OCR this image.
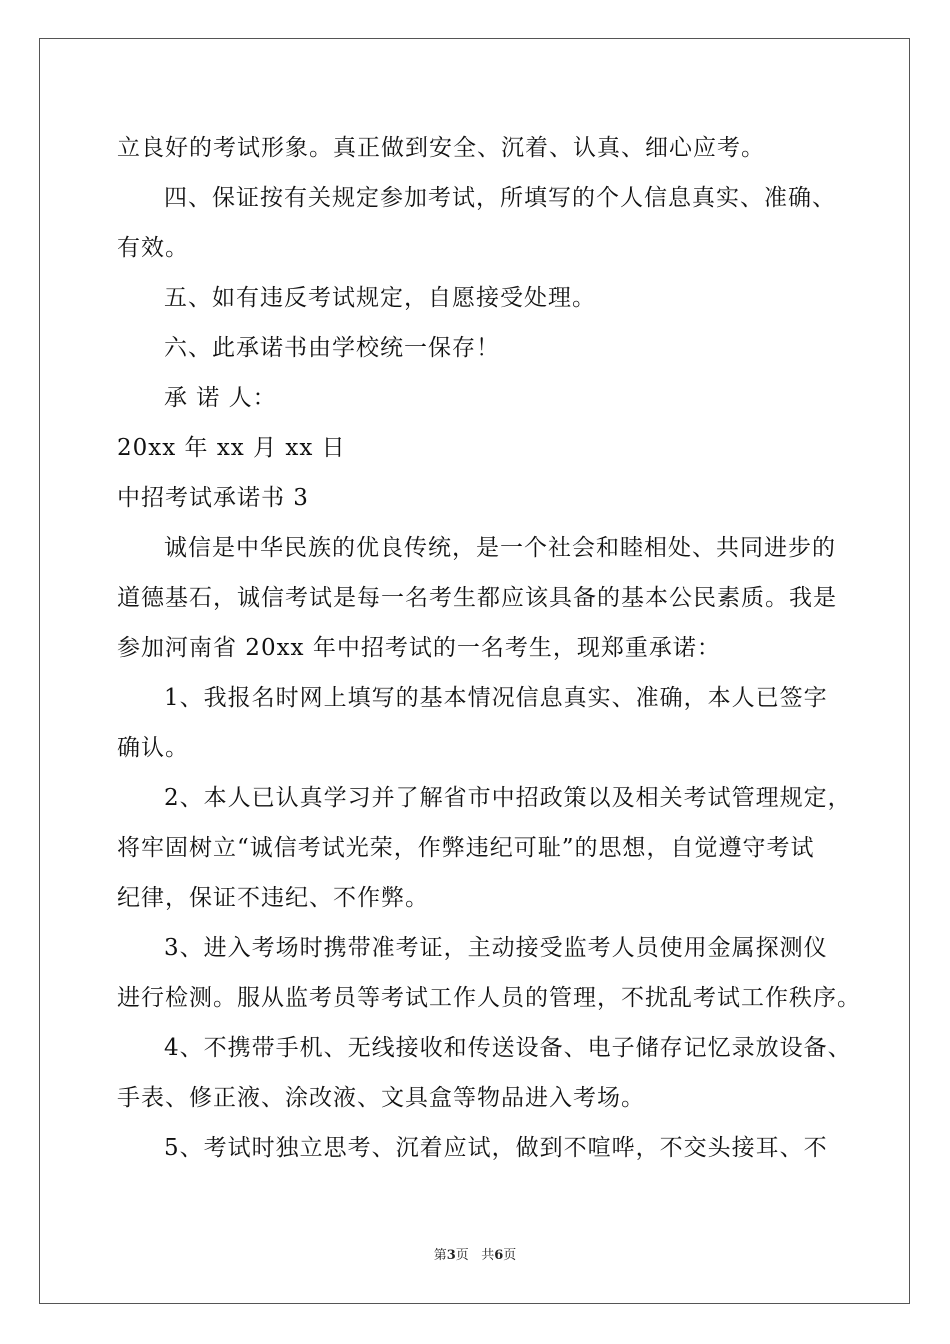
立良好的考试形象。真正做到安全、沉着、认真、细心应考。
四、保证按有关规定参加考试，所填写的个人信息真实、准确、
有效。
五、如有违反考试规定，自愿接受处理。
六、此承诺书由学校统一保存！
承 诺 人：
20xx 年 xx 月 xx 日
中招考试承诺书 3
诚信是中华民族的优良传统，是一个社会和睦相处、共同进步的
道德基石，诚信考试是每一名考生都应该具备的基本公民素质。我是
参加河南省 20xx 年中招考试的一名考生，现郑重承诺：
1、我报名时网上填写的基本情况信息真实、准确，本人已签字
确认。
2、本人已认真学习并了解省市中招政策以及相关考试管理规定，
将牢固树立“诚信考试光荣，作弊违纪可耻”的思想，自觉遵守考试
纪律，保证不违纪、不作弊。
3、进入考场时携带准考证，主动接受监考人员使用金属探测仪
进行检测。服从监考员等考试工作人员的管理，不扰乱考试工作秩序。
4、不携带手机、无线接收和传送设备、电子储存记忆录放设备、
手表、修正液、涂改液、文具盒等物品进入考场。
5、考试时独立思考、沉着应试，做到不喧哗，不交头接耳、不
第3页 共6页
